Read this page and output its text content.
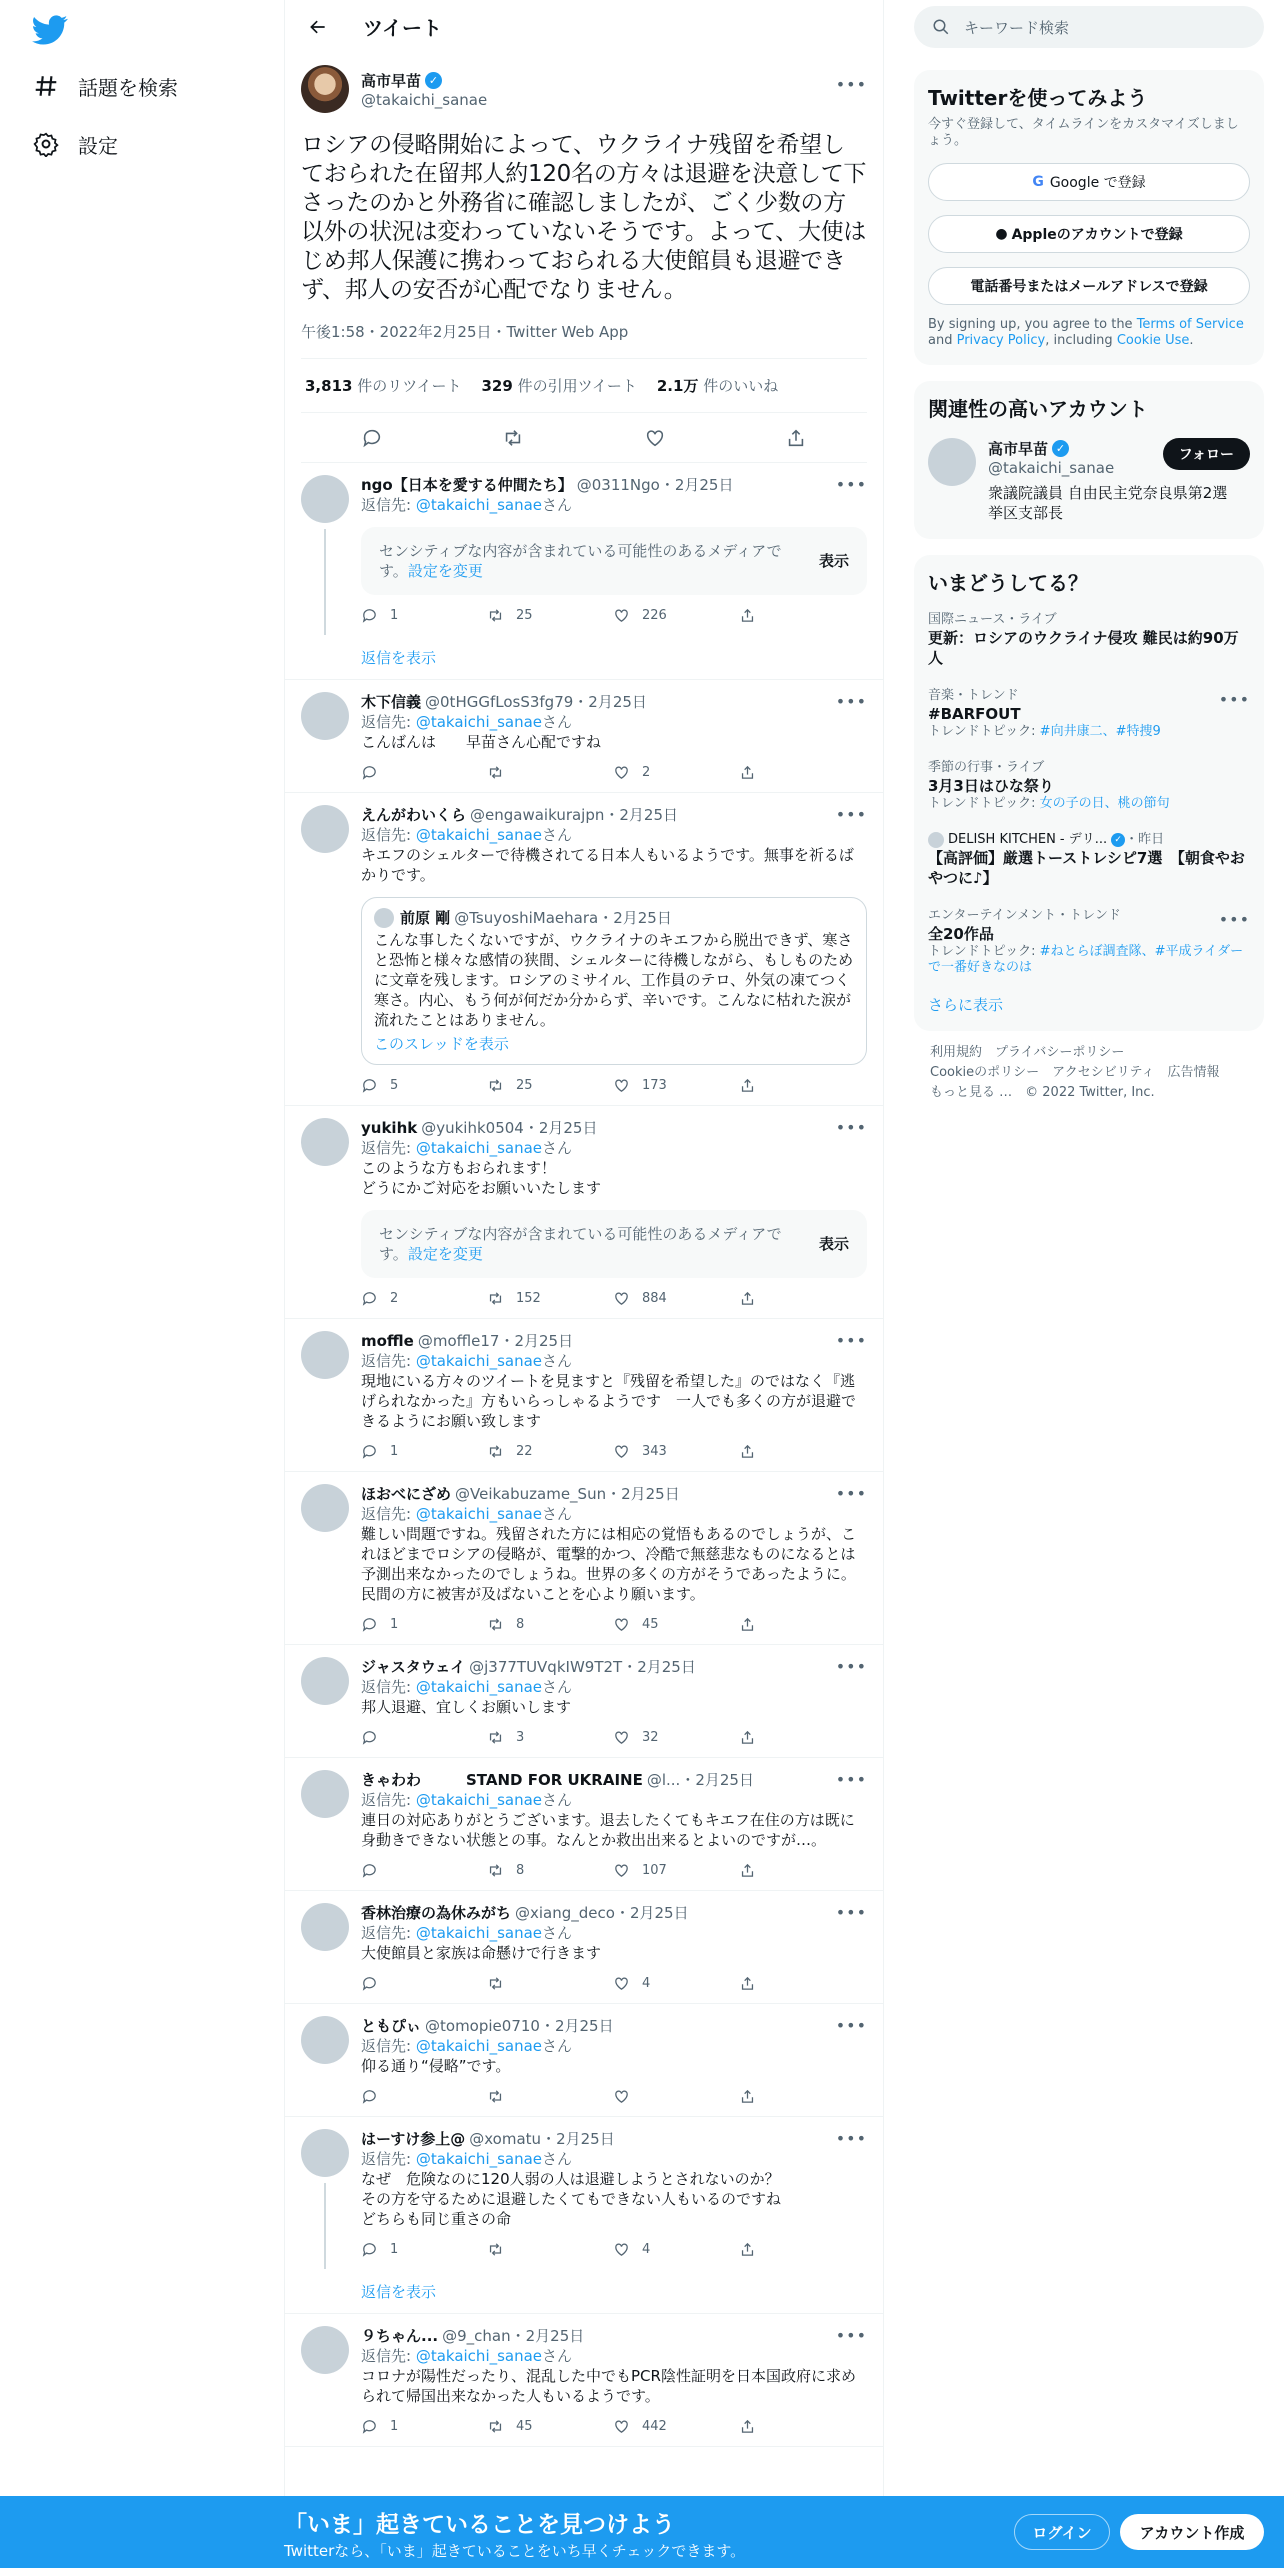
話題を検索
設定
ツイート
高市早苗 ✓
@takaichi_sanae
•••
ロシアの侵略開始によって、ウクライナ残留を希望しておられた在留邦人約120名の方々は退避を決意して下さったのかと外務省に確認しましたが、ごく少数の方以外の状況は変わっていないそうです。よって、大使はじめ邦人保護に携わっておられる大使館員も退避できず、邦人の安否が心配でなりません。
午後1:58・2022年2月25日・Twitter Web App
3,813 件のリツイート 329 件の引用ツイート 2.1万 件のいいね
ngo【日本を愛する仲間たち】 @0311Ngo ・2月25日	•••
返信先: @takaichi_sanaeさん
センシティブな内容が含まれている可能性のあるメディアです。設定を変更
表示
1	25	226
返信を表示
木下信義 @0tHGGfLosS3fg79 ・2月25日	•••
返信先: @takaichi_sanaeさん
こんばんは　　早苗さん心配ですね
2
えんがわいくら @engawaikurajpn ・2月25日	•••
返信先: @takaichi_sanaeさん
キエフのシェルターで待機されてる日本人もいるようです。無事を祈るばかりです。
前原 剛 @TsuyoshiMaehara ・2月25日
こんな事したくないですが、ウクライナのキエフから脱出できず、寒さと恐怖と様々な感情の狭間、シェルターに待機しながら、もしものために文章を残します。ロシアのミサイル、工作員のテロ、外気の凍てつく寒さ。内心、もう何が何だか分からず、辛いです。こんなに枯れた涙が流れたことはありません。
このスレッドを表示
5	25	173
yukihk @yukihk0504 ・2月25日	•••
返信先: @takaichi_sanaeさん
このような方もおられます！
どうにかご対応をお願いいたします
センシティブな内容が含まれている可能性のあるメディアです。設定を変更
表示
2	152	884
moffle @moffle17 ・2月25日	•••
返信先: @takaichi_sanaeさん
現地にいる方々のツイートを見ますと『残留を希望した』のではなく『逃げられなかった』方もいらっしゃるようです　一人でも多くの方が退避できるようにお願い致します
1	22	343
ほおべにざめ @Veikabuzame_Sun ・2月25日	•••
返信先: @takaichi_sanaeさん
難しい問題ですね。残留された方には相応の覚悟もあるのでしょうが、これほどまでロシアの侵略が、電撃的かつ、冷酷で無慈悲なものになるとは予測出来なかったのでしょうね。世界の多くの方がそうであったように。民間の方に被害が及ばないことを心より願います。
1	8	45
ジャスタウェイ @j377TUVqkIW9T2T ・2月25日	•••
返信先: @takaichi_sanaeさん
邦人退避、宜しくお願いします
3	32
きゃわわ　　　STAND FOR UKRAINE @l... ・2月25日	•••
返信先: @takaichi_sanaeさん
連日の対応ありがとうございます。退去したくてもキエフ在住の方は既に身動きできない状態との事。なんとか救出出来るとよいのですが…。
8	107
香林治療の為休みがち @xiang_deco ・2月25日	•••
返信先: @takaichi_sanaeさん
大使館員と家族は命懸けで行きます
4
ともぴぃ @tomopie0710 ・2月25日	•••
返信先: @takaichi_sanaeさん
仰る通り“侵略”です。
はーすけ参上@ @xomatu ・2月25日	•••
返信先: @takaichi_sanaeさん
なぜ　危険なのに120人弱の人は退避しようとされないのか？
その方を守るために退避したくてもできない人もいるのですね
どちらも同じ重さの命
1	4
返信を表示
９ちゃん... @9_chan ・2月25日	•••
返信先: @takaichi_sanaeさん
コロナが陽性だったり、混乱した中でもPCR陰性証明を日本国政府に求められて帰国出来なかった人もいるようです。
1	45	442
キーワード検索
Twitterを使ってみよう
今すぐ登録して、タイムラインをカスタマイズしましょう。
G Google で登録
● Appleのアカウントで登録
電話番号またはメールアドレスで登録
By signing up, you agree to the Terms of Service and Privacy Policy, including Cookie Use.
関連性の高いアカウント
高市早苗 ✓
@takaichi_sanae
衆議院議員 自由民主党奈良県第2選挙区支部長
フォロー
いまどうしてる？
国際ニュース・ライブ
更新：ロシアのウクライナ侵攻 難民は約90万人
音楽・トレンド
#BARFOUT
トレンドトピック: #向井康二、#特捜9
•••
季節の行事・ライブ
3月3日はひな祭り
トレンドトピック: 女の子の日、桃の節句
DELISH KITCHEN - デリ... ✓ ・昨日
【高評価】厳選トーストレシピ7選　【朝食やおやつに♪】
エンターテインメント・トレンド
全20作品
トレンドトピック: #ねとらぼ調査隊、#平成ライダーで一番好きなのは
•••
さらに表示
利用規約　 プライバシーポリシー
Cookieのポリシー　 アクセシビリティ　 広告情報
もっと見る …　 © 2022 Twitter, Inc.
「いま」起きていることを見つけよう
Twitterなら、「いま」起きていることをいち早くチェックできます。
ログイン	アカウント作成
